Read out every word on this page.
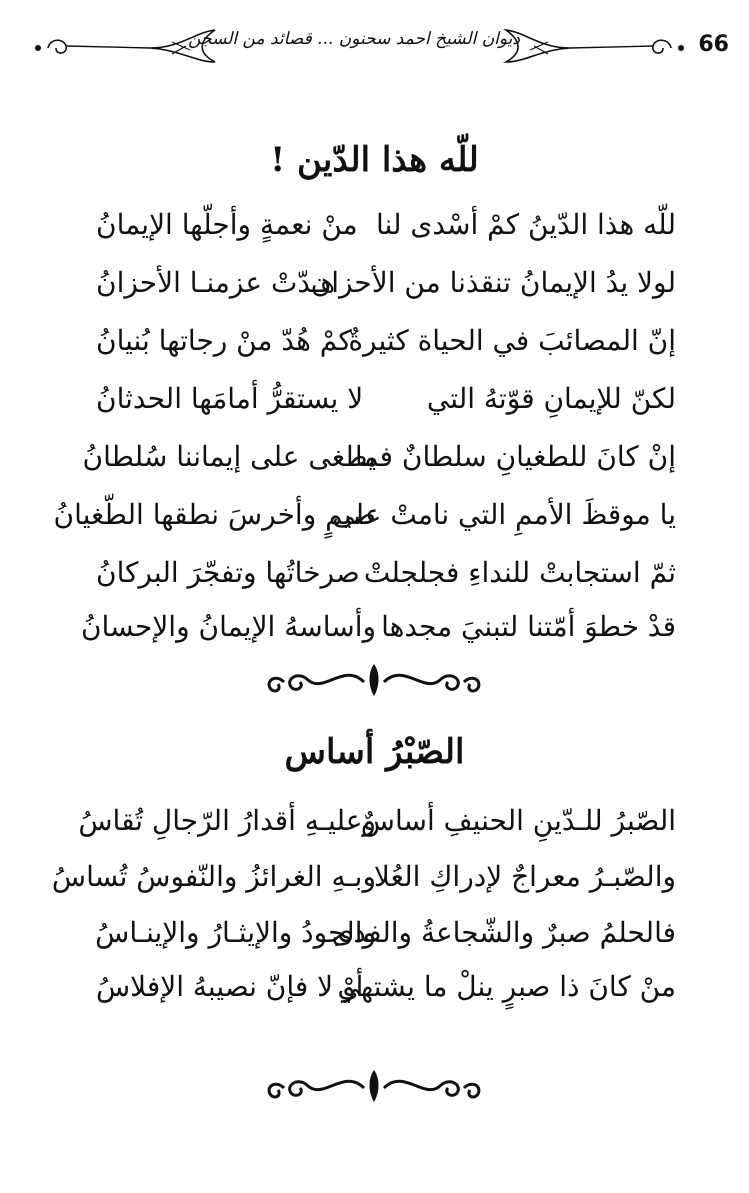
66
ديوان الشيخ احمد سحنون ... قصائد من السجن
للّه هذا الدّين !
للّه هذا الدّينُ كمْ أسْدى لنا
منْ نعمةٍ وأجلّها الإيمانُ
لولا يدُ الإيمانُ تنقذنا من الأحزان
هـدّتْ عزمنـا الأحزانُ
إنّ المصائبَ في الحياة كثيرةٌ
كمْ هُدّ منْ رجاتها بُنيانُ
لكنّ للإيمانِ قوّتهُ التي
لا يستقرُّ أمامَها الحدثانُ
إنْ كانَ للطغيانِ سلطانٌ فما
يطغى على إيماننا سُلطانُ
يا موقظَ الأممِ التي نامتْ على
ضيمٍ وأخرسَ نطقها الطّغيانُ
ثمّ استجابتْ للنداءِ فجلجلتْ
صرخاتُها وتفجّرَ البركانُ
قدْ خطوَ أمّتنا لتبنيَ مجدها
وأساسهُ الإيمانُ والإحسانُ
الصّبْرُ أساس
الصّبرُ للـدّينِ الحنيفِ أساسٌ
وعليـهِ أقدارُ الرّجالِ تُقاسُ
والصّبـرُ معراجٌ لإدراكِ العُلا
وبـهِ الغرائزُ والنّفوسُ تُساسُ
فالحلمُ صبرٌ والشّجاعةُ والفدى
والجودُ والإيثـارُ والإينـاسُ
منْ كانَ ذا صبرٍ ينلْ ما يشتهي
أوْ لا فإنّ نصيبهُ الإفلاسُ
